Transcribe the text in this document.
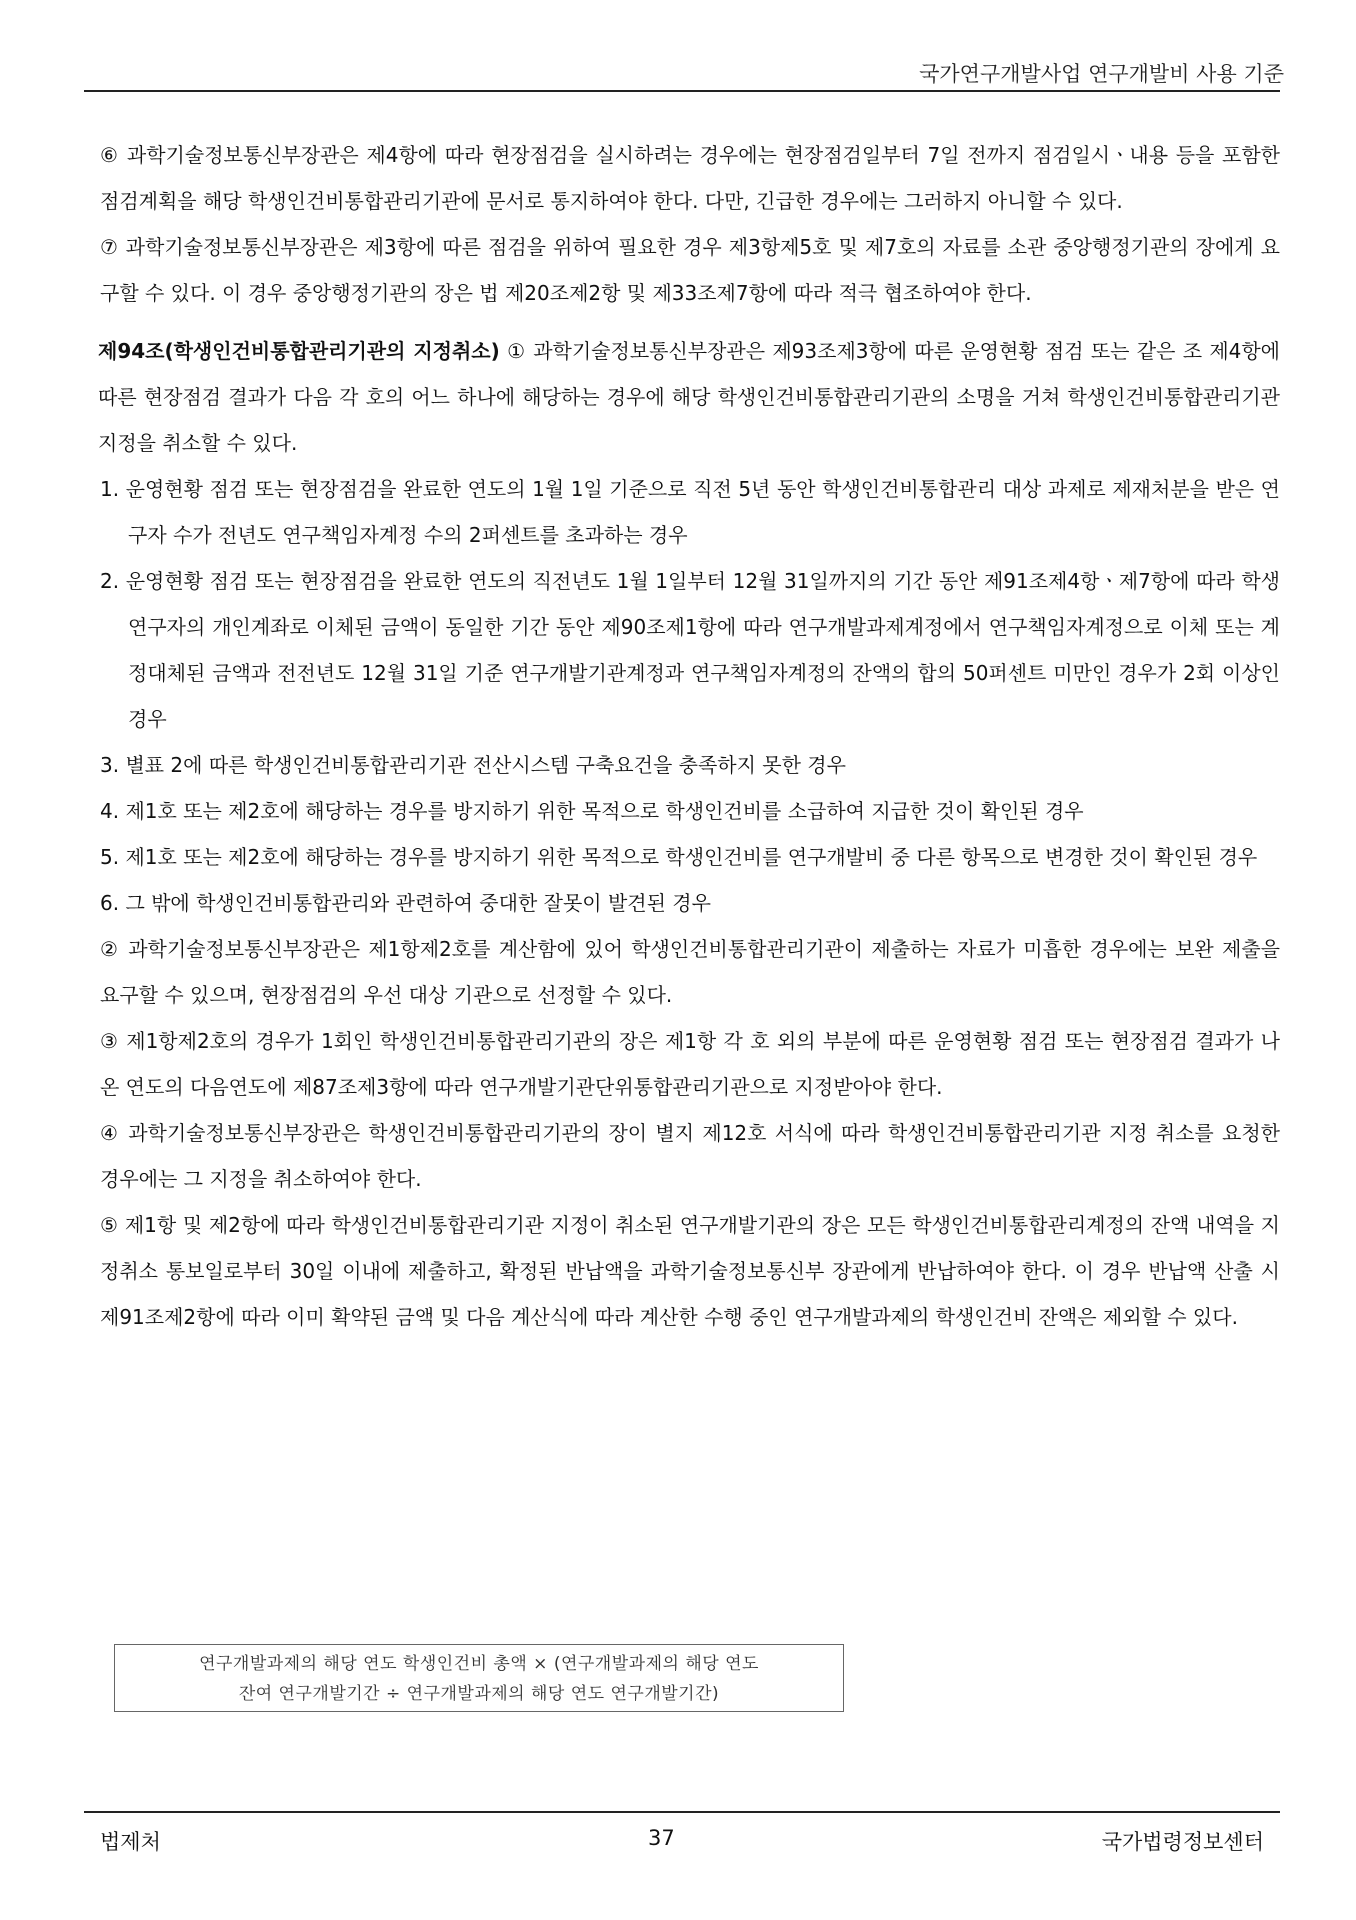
국가연구개발사업 연구개발비 사용 기준

⑥ 과학기술정보통신부장관은 제4항에 따라 현장점검을 실시하려는 경우에는 현장점검일부터 7일 전까지 점검일시ㆍ내용 등을 포함한 점검계획을 해당 학생인건비통합관리기관에 문서로 통지하여야 한다. 다만, 긴급한 경우에는 그러하지 아니할 수 있다.

⑦ 과학기술정보통신부장관은 제3항에 따른 점검을 위하여 필요한 경우 제3항제5호 및 제7호의 자료를 소관 중앙행정기관의 장에게 요구할 수 있다. 이 경우 중앙행정기관의 장은 법 제20조제2항 및 제33조제7항에 따라 적극 협조하여야 한다.

제94조(학생인건비통합관리기관의 지정취소) ① 과학기술정보통신부장관은 제93조제3항에 따른 운영현황 점검 또는 같은 조 제4항에 따른 현장점검 결과가 다음 각 호의 어느 하나에 해당하는 경우에 해당 학생인건비통합관리기관의 소명을 거쳐 학생인건비통합관리기관 지정을 취소할 수 있다.

1. 운영현황 점검 또는 현장점검을 완료한 연도의 1월 1일 기준으로 직전 5년 동안 학생인건비통합관리 대상 과제로 제재처분을 받은 연구자 수가 전년도 연구책임자계정 수의 2퍼센트를 초과하는 경우

2. 운영현황 점검 또는 현장점검을 완료한 연도의 직전년도 1월 1일부터 12월 31일까지의 기간 동안 제91조제4항ㆍ제7항에 따라 학생연구자의 개인계좌로 이체된 금액이 동일한 기간 동안 제90조제1항에 따라 연구개발과제계정에서 연구책임자계정으로 이체 또는 계정대체된 금액과 전전년도 12월 31일 기준 연구개발기관계정과 연구책임자계정의 잔액의 합의 50퍼센트 미만인 경우가 2회 이상인 경우

3. 별표 2에 따른 학생인건비통합관리기관 전산시스템 구축요건을 충족하지 못한 경우

4. 제1호 또는 제2호에 해당하는 경우를 방지하기 위한 목적으로 학생인건비를 소급하여 지급한 것이 확인된 경우

5. 제1호 또는 제2호에 해당하는 경우를 방지하기 위한 목적으로 학생인건비를 연구개발비 중 다른 항목으로 변경한 것이 확인된 경우

6. 그 밖에 학생인건비통합관리와 관련하여 중대한 잘못이 발견된 경우

② 과학기술정보통신부장관은 제1항제2호를 계산함에 있어 학생인건비통합관리기관이 제출하는 자료가 미흡한 경우에는 보완 제출을 요구할 수 있으며, 현장점검의 우선 대상 기관으로 선정할 수 있다.

③ 제1항제2호의 경우가 1회인 학생인건비통합관리기관의 장은 제1항 각 호 외의 부분에 따른 운영현황 점검 또는 현장점검 결과가 나온 연도의 다음연도에 제87조제3항에 따라 연구개발기관단위통합관리기관으로 지정받아야 한다.

④ 과학기술정보통신부장관은 학생인건비통합관리기관의 장이 별지 제12호 서식에 따라 학생인건비통합관리기관 지정 취소를 요청한 경우에는 그 지정을 취소하여야 한다.

⑤ 제1항 및 제2항에 따라 학생인건비통합관리기관 지정이 취소된 연구개발기관의 장은 모든 학생인건비통합관리계정의 잔액 내역을 지정취소 통보일로부터 30일 이내에 제출하고, 확정된 반납액을 과학기술정보통신부 장관에게 반납하여야 한다. 이 경우 반납액 산출 시 제91조제2항에 따라 이미 확약된 금액 및 다음 계산식에 따라 계산한 수행 중인 연구개발과제의 학생인건비 잔액은 제외할 수 있다.

연구개발과제의 해당 연도 학생인건비 총액 × (연구개발과제의 해당 연도
잔여 연구개발기간 ÷ 연구개발과제의 해당 연도 연구개발기간)
법제처	37	국가법령정보센터
